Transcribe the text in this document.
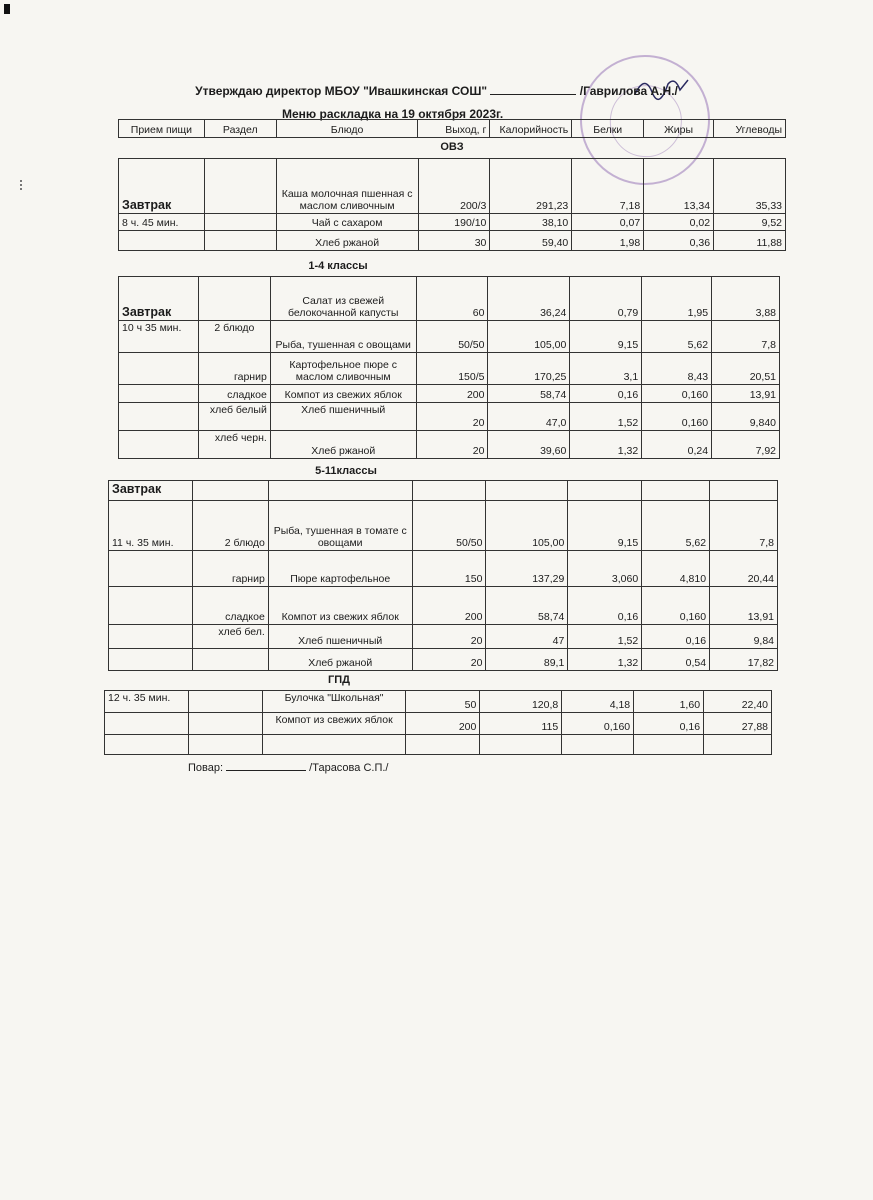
Утверждаю директор МБОУ "Ивашкинская СОШ"	/Гаврилова А.Н./
Меню раскладка на 19 октября 2023г.
Прием пищи	Раздел	Блюдо	Выход, г	Калорийность	Белки	Жиры	Углеводы
ОВЗ
Завтрак		Каша молочная пшенная с маслом сливочным	200/3	291,23	7,18	13,34	35,33
8 ч. 45 мин.		Чай с сахаром	190/10	38,10	0,07	0,02	9,52
		Хлеб ржаной	30	59,40	1,98	0,36	11,88
1-4 классы
Завтрак		Салат из свежей белокочанной капусты	60	36,24	0,79	1,95	3,88
10 ч 35 мин.	2 блюдо	Рыба, тушенная с овощами	50/50	105,00	9,15	5,62	7,8
	гарнир	Картофельное пюре с маслом сливочным	150/5	170,25	3,1	8,43	20,51
	сладкое	Компот из свежих яблок	200	58,74	0,16	0,160	13,91
	хлеб белый	Хлеб пшеничный	20	47,0	1,52	0,160	9,840
	хлеб черн.	Хлеб ржаной	20	39,60	1,32	0,24	7,92
5-11классы
Завтрак							
11 ч. 35 мин.	2 блюдо	Рыба, тушенная в томате с овощами	50/50	105,00	9,15	5,62	7,8
	гарнир	Пюре картофельное	150	137,29	3,060	4,810	20,44
	сладкое	Компот из свежих яблок	200	58,74	0,16	0,160	13,91
	хлеб бел.	Хлеб пшеничный	20	47	1,52	0,16	9,84
		Хлеб ржаной	20	89,1	1,32	0,54	17,82
ГПД
12 ч. 35 мин.		Булочка "Школьная"	50	120,8	4,18	1,60	22,40
		Компот из свежих яблок	200	115	0,160	0,16	27,88

Повар:	/Тарасова С.П./
